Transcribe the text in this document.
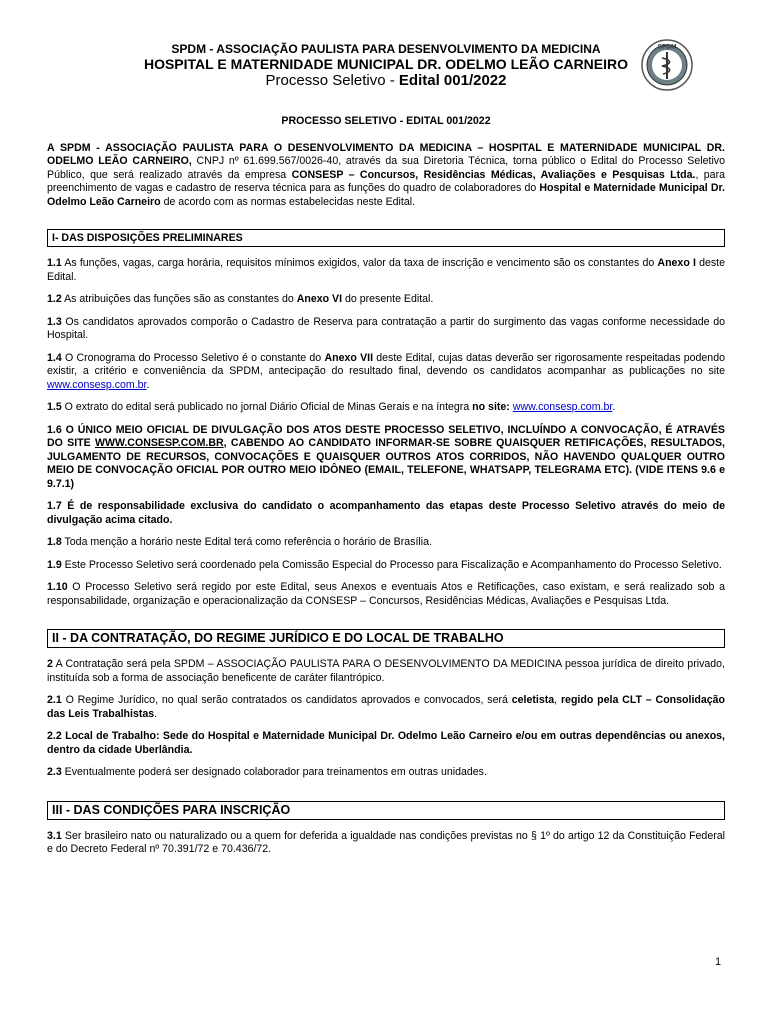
SPDM - ASSOCIAÇÃO PAULISTA PARA DESENVOLVIMENTO DA MEDICINA
HOSPITAL E MATERNIDADE MUNICIPAL DR. ODELMO LEÃO CARNEIRO
Processo Seletivo - Edital 001/2022
SPDM

PROCESSO SELETIVO - EDITAL 001/2022

A SPDM - ASSOCIAÇÃO PAULISTA PARA O DESENVOLVIMENTO DA MEDICINA – HOSPITAL E MATERNIDADE MUNICIPAL DR. ODELMO LEÃO CARNEIRO, CNPJ nº 61.699.567/0026-40, através da sua Diretoria Técnica, torna público o Edital do Processo Seletivo Público, que será realizado através da empresa CONSESP – Concursos, Residências Médicas, Avaliações e Pesquisas Ltda., para preenchimento de vagas e cadastro de reserva técnica para as funções do quadro de colaboradores do Hospital e Maternidade Municipal Dr. Odelmo Leão Carneiro de acordo com as normas estabelecidas neste Edital.

I- DAS DISPOSIÇÕES PRELIMINARES

1.1 As funções, vagas, carga horária, requisitos mínimos exigidos, valor da taxa de inscrição e vencimento são os constantes do Anexo I deste Edital.

1.2 As atribuições das funções são as constantes do Anexo VI do presente Edital.

1.3 Os candidatos aprovados comporão o Cadastro de Reserva para contratação a partir do surgimento das vagas conforme necessidade do Hospital.

1.4 O Cronograma do Processo Seletivo é o constante do Anexo VII deste Edital, cujas datas deverão ser rigorosamente respeitadas podendo existir, a critério e conveniência da SPDM, antecipação do resultado final, devendo os candidatos acompanhar as publicações no site www.consesp.com.br.

1.5 O extrato do edital será publicado no jornal Diário Oficial de Minas Gerais e na íntegra no site: www.consesp.com.br.

1.6 O ÚNICO MEIO OFICIAL DE DIVULGAÇÃO DOS ATOS DESTE PROCESSO SELETIVO, INCLUÍNDO A CONVOCAÇÃO, É ATRAVÉS DO SITE WWW.CONSESP.COM.BR, CABENDO AO CANDIDATO INFORMAR-SE SOBRE QUAISQUER RETIFICAÇÕES, RESULTADOS, JULGAMENTO DE RECURSOS, CONVOCAÇÕES E QUAISQUER OUTROS ATOS CORRIDOS, NÃO HAVENDO QUALQUER OUTRO MEIO DE CONVOCAÇÃO OFICIAL POR OUTRO MEIO IDÔNEO (EMAIL, TELEFONE, WHATSAPP, TELEGRAMA ETC). (VIDE ITENS 9.6 e 9.7.1)

1.7 É de responsabilidade exclusiva do candidato o acompanhamento das etapas deste Processo Seletivo através do meio de divulgação acima citado.

1.8 Toda menção a horário neste Edital terá como referência o horário de Brasília.

1.9 Este Processo Seletivo será coordenado pela Comissão Especial do Processo para Fiscalização e Acompanhamento do Processo Seletivo.

1.10 O Processo Seletivo será regido por este Edital, seus Anexos e eventuais Atos e Retificações, caso existam, e será realizado sob a responsabilidade, organização e operacionalização da CONSESP – Concursos, Residências Médicas, Avaliações e Pesquisas Ltda.

II - DA CONTRATAÇÃO, DO REGIME JURÍDICO E DO LOCAL DE TRABALHO

2 A Contratação será pela SPDM – ASSOCIAÇÃO PAULISTA PARA O DESENVOLVIMENTO DA MEDICINA pessoa jurídica de direito privado, instituída sob a forma de associação beneficente de caráter filantrópico.

2.1 O Regime Jurídico, no qual serão contratados os candidatos aprovados e convocados, será celetista, regido pela CLT – Consolidação das Leis Trabalhistas.

2.2 Local de Trabalho: Sede do Hospital e Maternidade Municipal Dr. Odelmo Leão Carneiro e/ou em outras dependências ou anexos, dentro da cidade Uberlândia.

2.3 Eventualmente poderá ser designado colaborador para treinamentos em outras unidades.

III - DAS CONDIÇÕES PARA INSCRIÇÃO

3.1 Ser brasileiro nato ou naturalizado ou a quem for deferida a igualdade nas condições previstas no § 1º do artigo 12 da Constituição Federal e do Decreto Federal nº 70.391/72 e 70.436/72.

1
